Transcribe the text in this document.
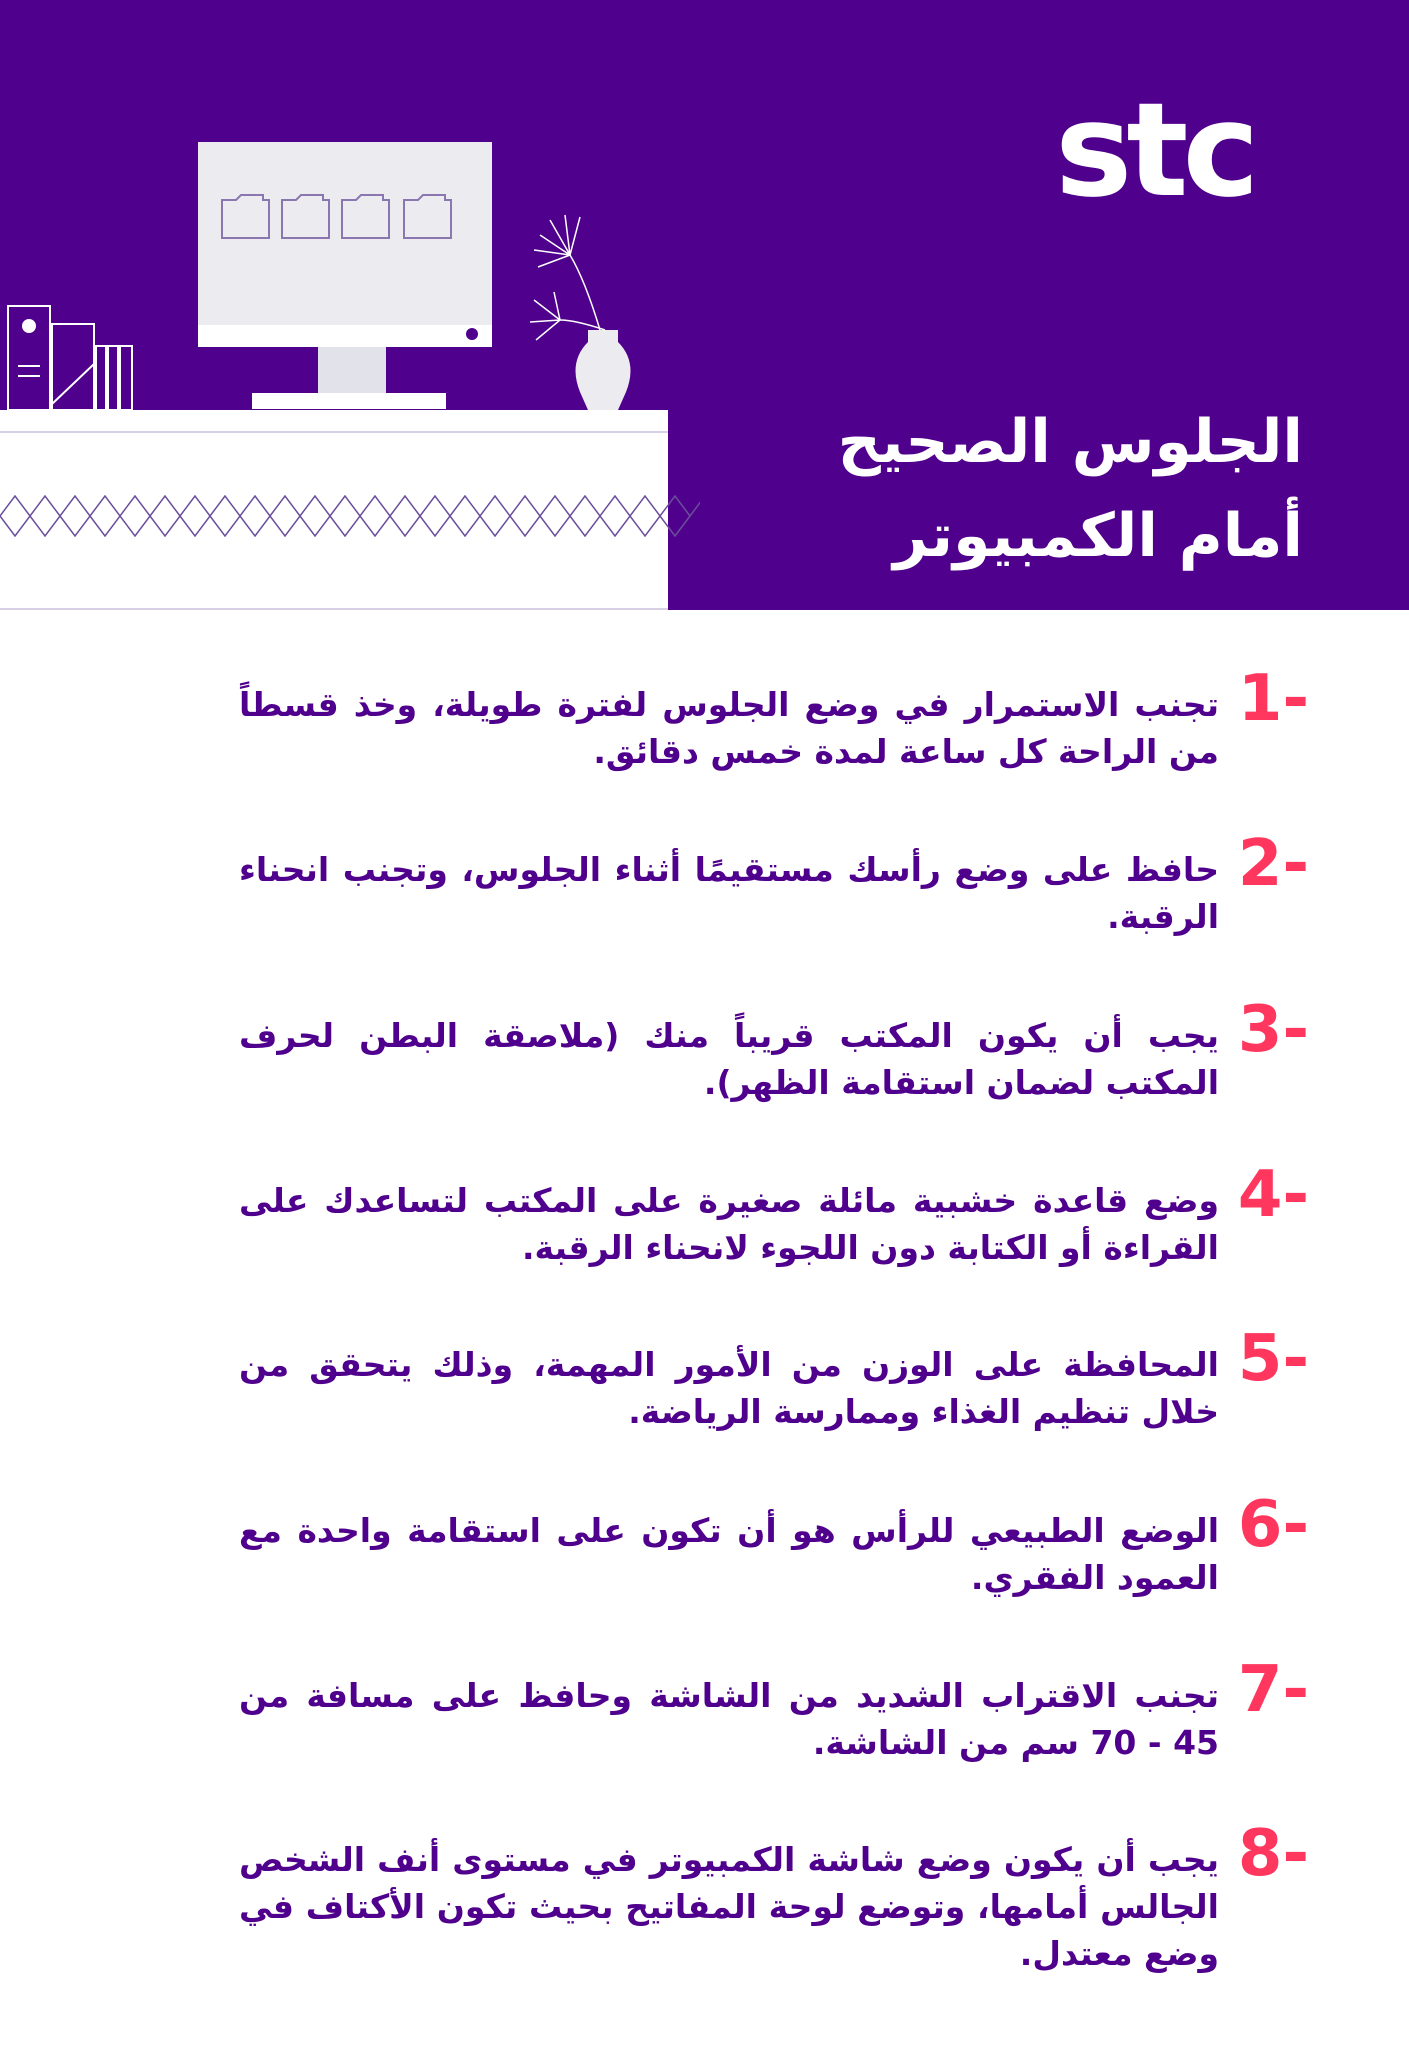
stc
الجلوس الصحيح
أمام الكمبيوتر
1-
تجنب الاستمرار في وضع الجلوس لفترة طويلة، وخذ قسطاً من الراحة كل ساعة لمدة خمس دقائق.
2-
حافظ على وضع رأسك مستقيمًا أثناء الجلوس، وتجنب انحناء الرقبة.
3-
يجب أن يكون المكتب قريباً منك (ملاصقة البطن لحرف المكتب لضمان استقامة الظهر).
4-
وضع قاعدة خشبية مائلة صغيرة على المكتب لتساعدك على القراءة أو الكتابة دون اللجوء لانحناء الرقبة.
5-
المحافظة على الوزن من الأمور المهمة، وذلك يتحقق من خلال تنظيم الغذاء وممارسة الرياضة.
6-
الوضع الطبيعي للرأس هو أن تكون على استقامة واحدة مع العمود الفقري.
7-
تجنب الاقتراب الشديد من الشاشة وحافظ على مسافة من 45 - 70 سم من الشاشة.
8-
يجب أن يكون وضع شاشة الكمبيوتر في مستوى أنف الشخص الجالس أمامها، وتوضع لوحة المفاتيح بحيث تكون الأكتاف في وضع معتدل.
